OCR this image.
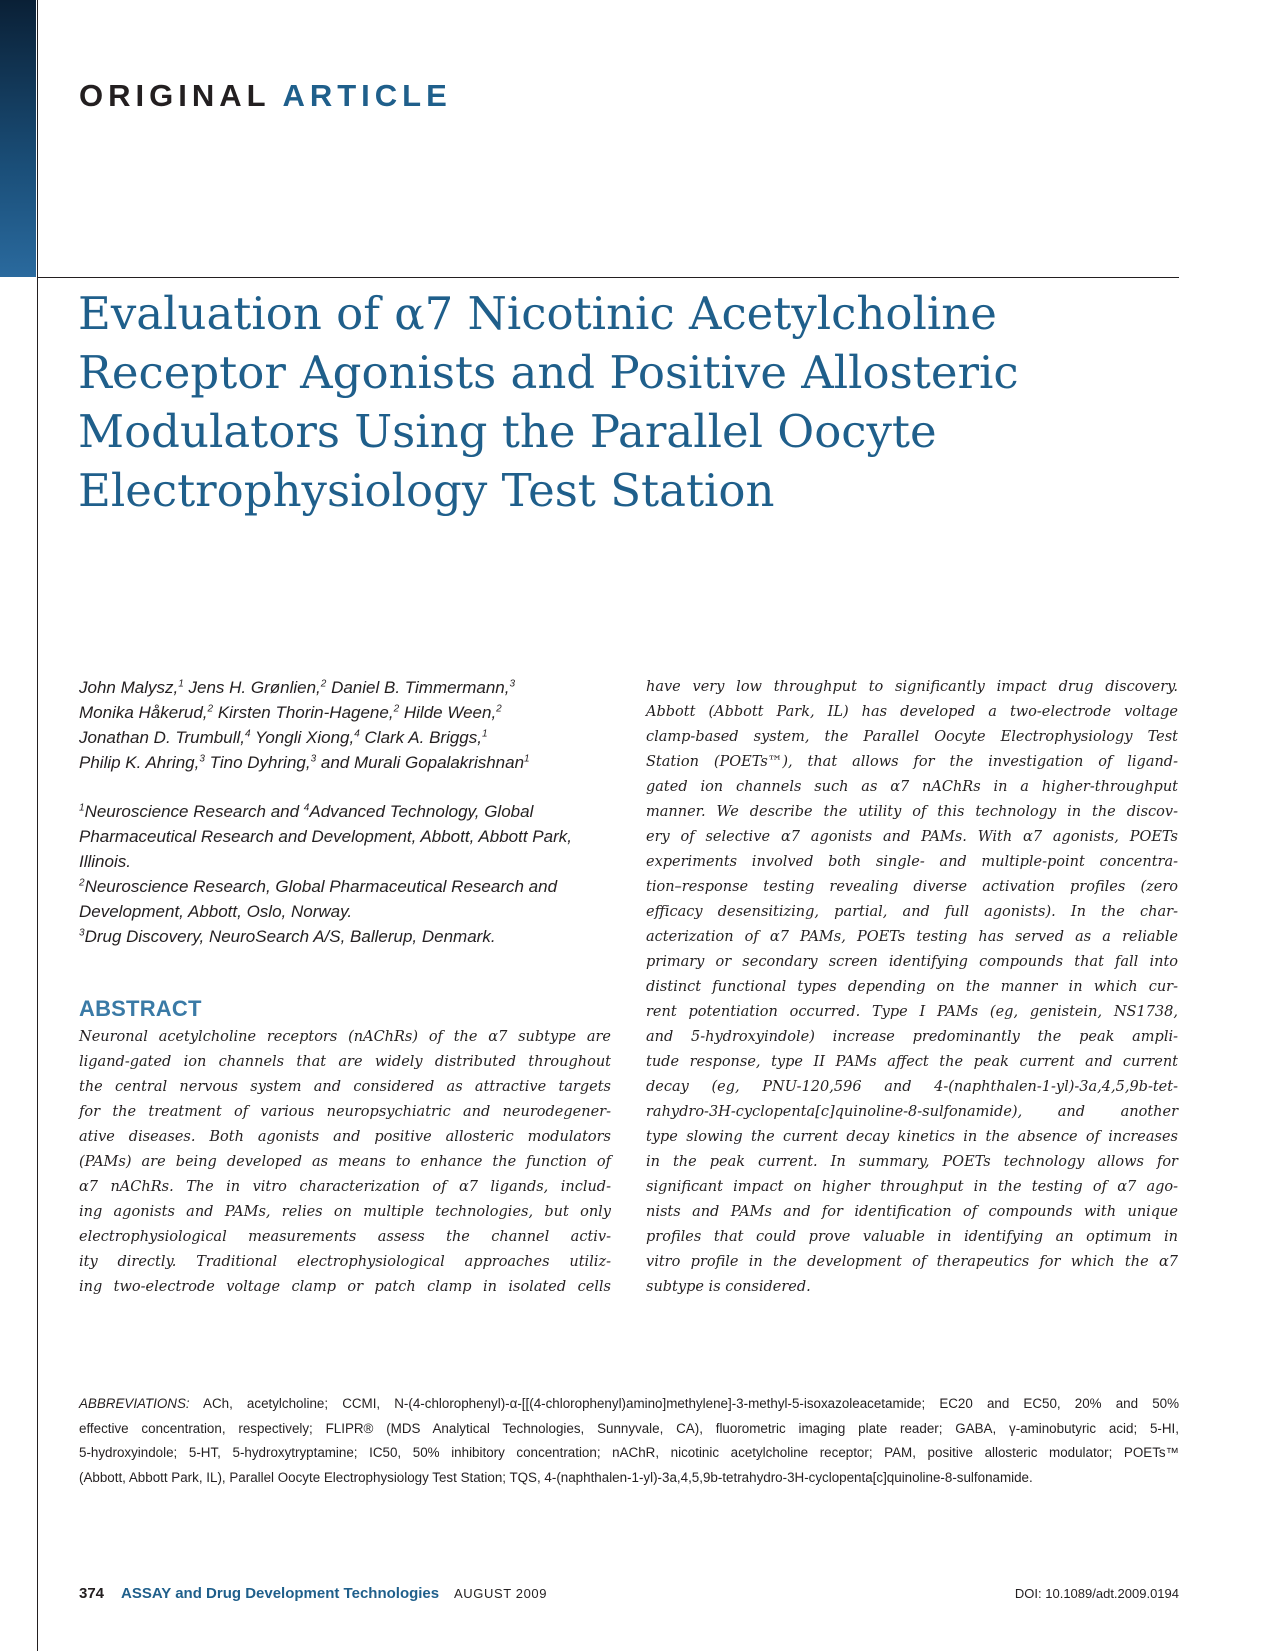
ORIGINAL ARTICLE
Evaluation of α7 Nicotinic Acetylcholine
Receptor Agonists and Positive Allosteric
Modulators Using the Parallel Oocyte
Electrophysiology Test Station
John Malysz,$^1$ Jens H. Grønlien,$^2$ Daniel B. Timmermann,$^3$
Monika Håkerud,$^2$ Kirsten Thorin-Hagene,$^2$ Hilde Ween,$^2$
Jonathan D. Trumbull,$^4$ Yongli Xiong,$^4$ Clark A. Briggs,$^1$
Philip K. Ahring,$^3$ Tino Dyhring,$^3$ and Murali Gopalakrishnan$^1$
$^1$Neuroscience Research and $^4$Advanced Technology, Global
Pharmaceutical Research and Development, Abbott, Abbott Park,
Illinois.
$^2$Neuroscience Research, Global Pharmaceutical Research and
Development, Abbott, Oslo, Norway.
$^3$Drug Discovery, NeuroSearch A/S, Ballerup, Denmark.
ABSTRACT
Neuronal acetylcholine receptors (nAChRs) of the α7 subtype are
ligand-gated ion channels that are widely distributed throughout
the central nervous system and considered as attractive targets
for the treatment of various neuropsychiatric and neurodegener-
ative diseases. Both agonists and positive allosteric modulators
(PAMs) are being developed as means to enhance the function of
α7 nAChRs. The in vitro characterization of α7 ligands, includ-
ing agonists and PAMs, relies on multiple technologies, but only
electrophysiological measurements assess the channel activ-
ity directly. Traditional electrophysiological approaches utiliz-
ing two-electrode voltage clamp or patch clamp in isolated cells
have very low throughput to significantly impact drug discovery.
Abbott (Abbott Park, IL) has developed a two-electrode voltage
clamp-based system, the Parallel Oocyte Electrophysiology Test
Station (POETs™), that allows for the investigation of ligand-
gated ion channels such as α7 nAChRs in a higher-throughput
manner. We describe the utility of this technology in the discov-
ery of selective α7 agonists and PAMs. With α7 agonists, POETs
experiments involved both single- and multiple-point concentra-
tion–response testing revealing diverse activation profiles (zero
efficacy desensitizing, partial, and full agonists). In the char-
acterization of α7 PAMs, POETs testing has served as a reliable
primary or secondary screen identifying compounds that fall into
distinct functional types depending on the manner in which cur-
rent potentiation occurred. Type I PAMs (eg, genistein, NS1738,
and 5-hydroxyindole) increase predominantly the peak ampli-
tude response, type II PAMs affect the peak current and current
decay (eg, PNU-120,596 and 4-(naphthalen-1-yl)-3a,4,5,9b-tet-
rahydro-3H-cyclopenta[c]quinoline-8-sulfonamide), and another
type slowing the current decay kinetics in the absence of increases
in the peak current. In summary, POETs technology allows for
significant impact on higher throughput in the testing of α7 ago-
nists and PAMs and for identification of compounds with unique
profiles that could prove valuable in identifying an optimum in
vitro profile in the development of therapeutics for which the α7
subtype is considered.
ABBREVIATIONS: ACh, acetylcholine; CCMI, N-(4-chlorophenyl)-α-[[(4-chlorophenyl)amino]methylene]-3-methyl-5-isoxazoleacetamide; EC20 and EC50, 20% and 50%
effective concentration, respectively; FLIPR® (MDS Analytical Technologies, Sunnyvale, CA), fluorometric imaging plate reader; GABA, γ-aminobutyric acid; 5-HI,
5-hydroxyindole; 5-HT, 5-hydroxytryptamine; IC50, 50% inhibitory concentration; nAChR, nicotinic acetylcholine receptor; PAM, positive allosteric modulator; POETs™
(Abbott, Abbott Park, IL), Parallel Oocyte Electrophysiology Test Station; TQS, 4-(naphthalen-1-yl)-3a,4,5,9b-tetrahydro-3H-cyclopenta[c]quinoline-8-sulfonamide.
374 ASSAY and Drug Development Technologies AUGUST 2009	DOI: 10.1089/adt.2009.0194
